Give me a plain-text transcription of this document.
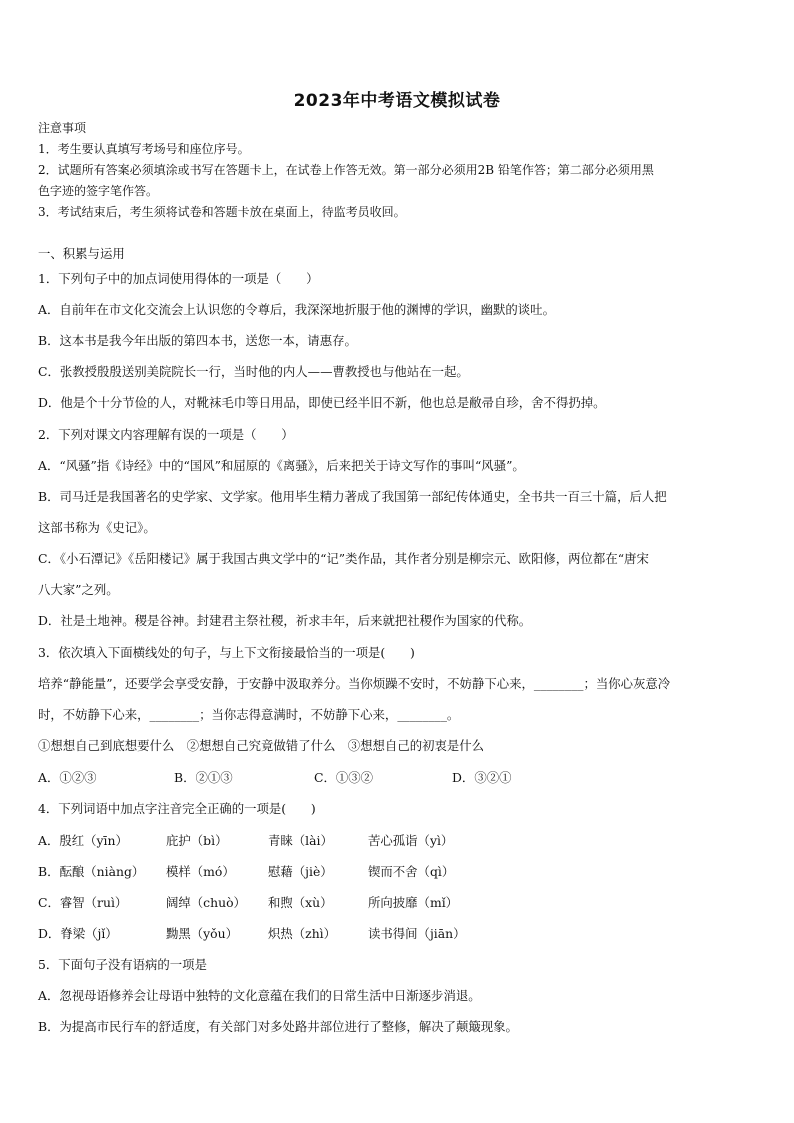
2023年中考语文模拟试卷
注意事项
1．考生要认真填写考场号和座位序号。
2．试题所有答案必须填涂或书写在答题卡上，在试卷上作答无效。第一部分必须用2B 铅笔作答；第二部分必须用黑
色字迹的签字笔作答。
3．考试结束后，考生须将试卷和答题卡放在桌面上，待监考员收回。
一、积累与运用
1．下列句子中的加点词使用得体的一项是（　　）
A．自前年在市文化交流会上认识您的令尊后，我深深地折服于他的渊博的学识，幽默的谈吐。
B．这本书是我今年出版的第四本书，送您一本，请惠存。
C．张教授殷殷送别美院院长一行，当时他的内人——曹教授也与他站在一起。
D．他是个十分节俭的人，对靴袜毛巾等日用品，即使已经半旧不新，他也总是敝帚自珍，舍不得扔掉。
2．下列对课文内容理解有误的一项是（　　）
A．“风骚”指《诗经》中的“国风”和屈原的《离骚》，后来把关于诗文写作的事叫“风骚”。
B．司马迁是我国著名的史学家、文学家。他用毕生精力著成了我国第一部纪传体通史，全书共一百三十篇，后人把
这部书称为《史记》。
C．《小石潭记》《岳阳楼记》属于我国古典文学中的“记”类作品，其作者分别是柳宗元、欧阳修，两位都在“唐宋
八大家”之列。
D．社是土地神。稷是谷神。封建君主祭社稷，祈求丰年，后来就把社稷作为国家的代称。
3．依次填入下面横线处的句子，与上下文衔接最恰当的一项是(　　)
培养“静能量”，还要学会享受安静，于安静中汲取养分。当你烦躁不安时，不妨静下心来，________；当你心灰意冷
时，不妨静下心来，________；当你志得意满时，不妨静下心来，________。
①想想自己到底想要什么　②想想自己究竟做错了什么　③想想自己的初衷是什么
A．①②③	B．②①③	C．①③②	D．③②①
4．下列词语中加点字注音完全正确的一项是(　　)
A．殷红（yīn）	庇护（bì）	青睐（lài）	苦心孤诣（yì）
B．酝酿（niàng） 模样（mó）	慰藉（jiè）	锲而不舍（qì）
C．睿智（ruì）	阔绰（chuò） 和煦（xù）	所向披靡（mǐ）
D．脊梁（jǐ）	黝黑（yǒu） 炽热（zhì）	读书得间（jiān）
5．下面句子没有语病的一项是
A．忽视母语修养会让母语中独特的文化意蕴在我们的日常生活中日渐逐步消退。
B．为提高市民行车的舒适度，有关部门对多处路井部位进行了整修，解决了颠簸现象。
